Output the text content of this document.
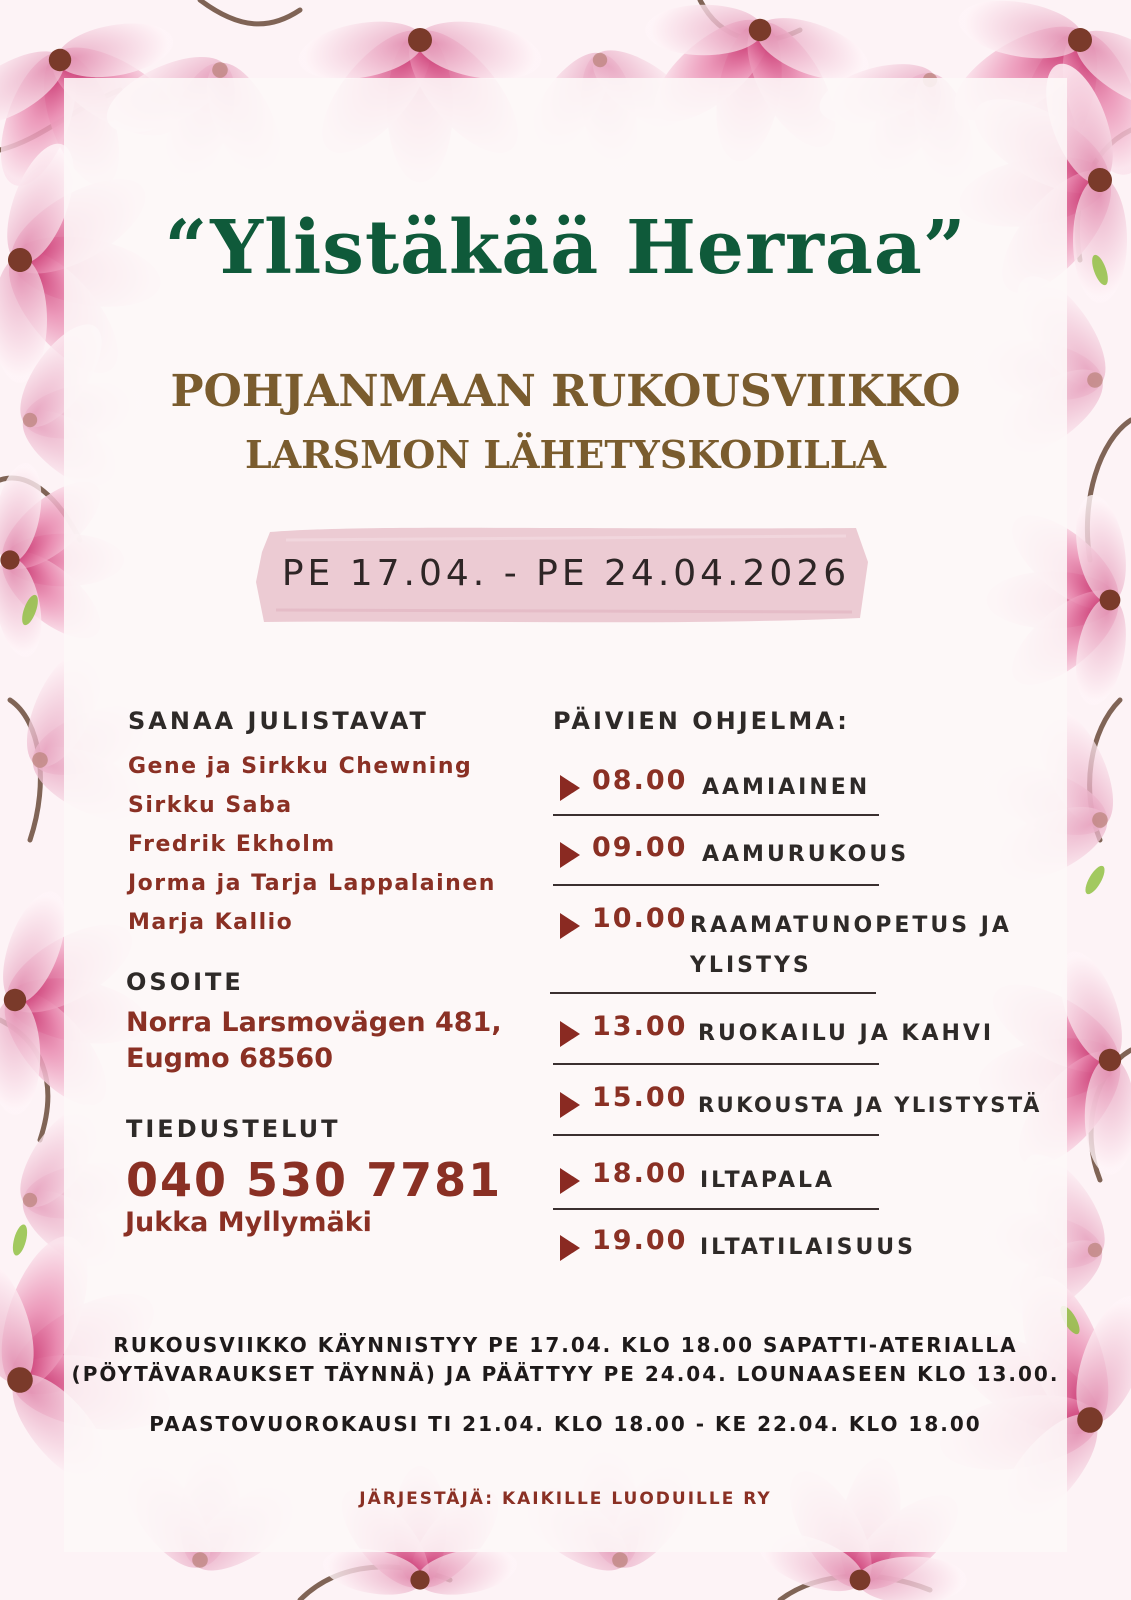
“Ylistäkää Herraa”
POHJANMAAN RUKOUSVIIKKO
LARSMON LÄHETYSKODILLA
PE 17.04. - PE 24.04.2026
SANAA JULISTAVAT
Gene ja Sirkku Chewning
Sirkku Saba
Fredrik Ekholm
Jorma ja Tarja Lappalainen
Marja Kallio
OSOITE
Norra Larsmovägen 481,
Eugmo 68560
TIEDUSTELUT
040 530 7781
Jukka Myllymäki
PÄIVIEN OHJELMA:
08.00 AAMIAINEN
09.00 AAMURUKOUS
10.00 RAAMATUNOPETUS JA YLISTYS
13.00 RUOKAILU JA KAHVI
15.00 RUKOUSTA JA YLISTYSTÄ
18.00 ILTAPALA
19.00 ILTATILAISUUS
RUKOUSVIIKKO KÄYNNISTYY PE 17.04. KLO 18.00 SAPATTI-ATERIALLA
(PÖYTÄVARAUKSET TÄYNNÄ) JA PÄÄTTYY PE 24.04. LOUNAASEEN KLO 13.00.
PAASTOVUOROKAUSI TI 21.04. KLO 18.00 - KE 22.04. KLO 18.00
JÄRJESTÄJÄ: KAIKILLE LUODUILLE RY
